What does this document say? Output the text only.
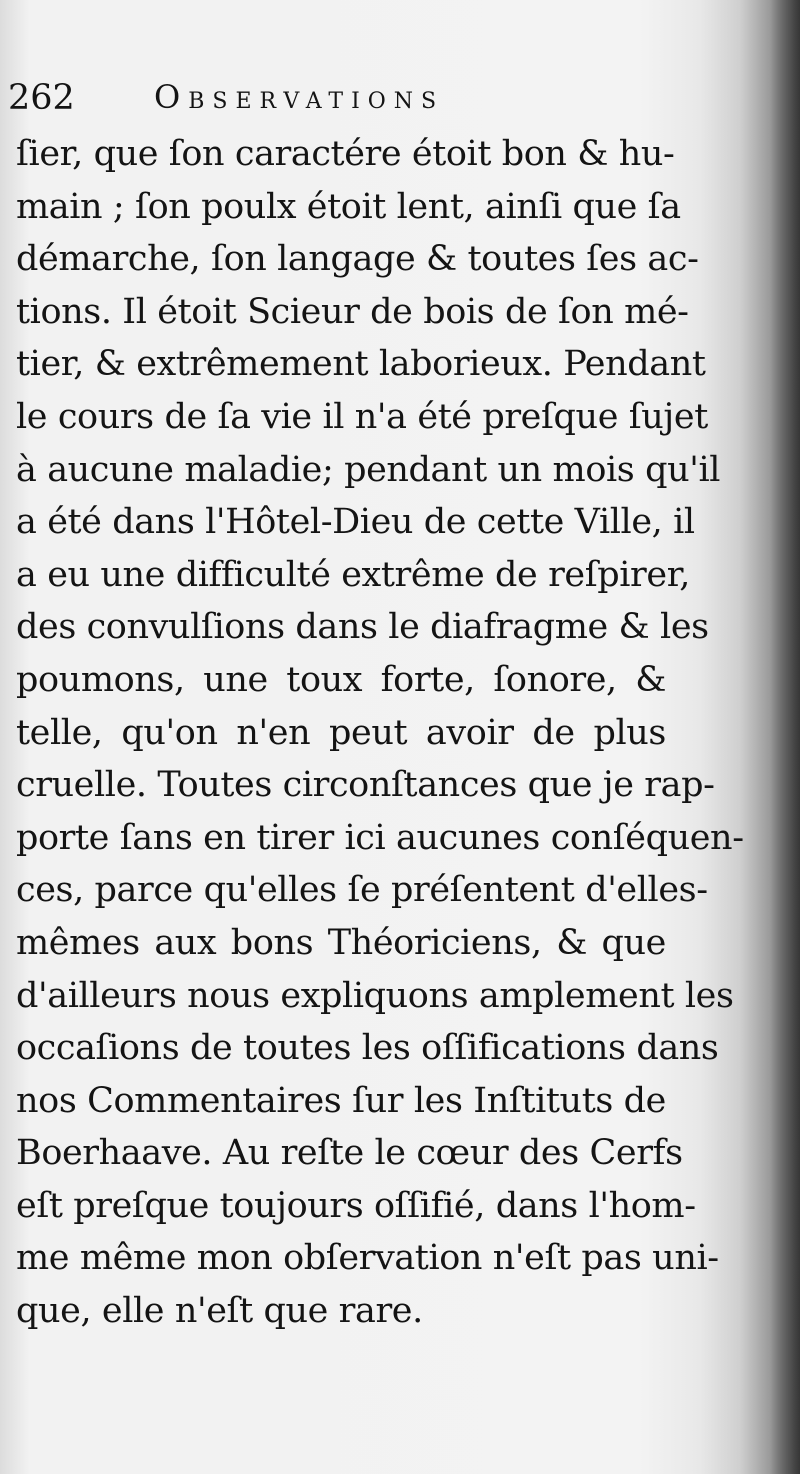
262 Observations
ſier, que ſon caractére étoit bon & hu-
main ; ſon poulx étoit lent, ainſi que ſa
démarche, ſon langage & toutes ſes ac-
tions. Il étoit Scieur de bois de ſon mé-
tier, & extrêmement laborieux. Pendant
le cours de ſa vie il n'a été preſque ſujet
à aucune maladie; pendant un mois qu'il
a été dans l'Hôtel-Dieu de cette Ville, il
a eu une difficulté extrême de reſpirer,
des convulſions dans le diafragme & les
poumons, une toux forte, ſonore, &
telle, qu'on n'en peut avoir de plus
cruelle. Toutes circonſtances que je rap-
porte ſans en tirer ici aucunes conſéquen-
ces, parce qu'elles ſe préſentent d'elles-
mêmes aux bons Théoriciens, & que
d'ailleurs nous expliquons amplement les
occaſions de toutes les oſſifications dans
nos Commentaires ſur les Inſtituts de
Boerhaave. Au reſte le cœur des Cerfs
eſt preſque toujours oſſifié, dans l'hom-
me même mon obſervation n'eſt pas uni-
que, elle n'eſt que rare.
